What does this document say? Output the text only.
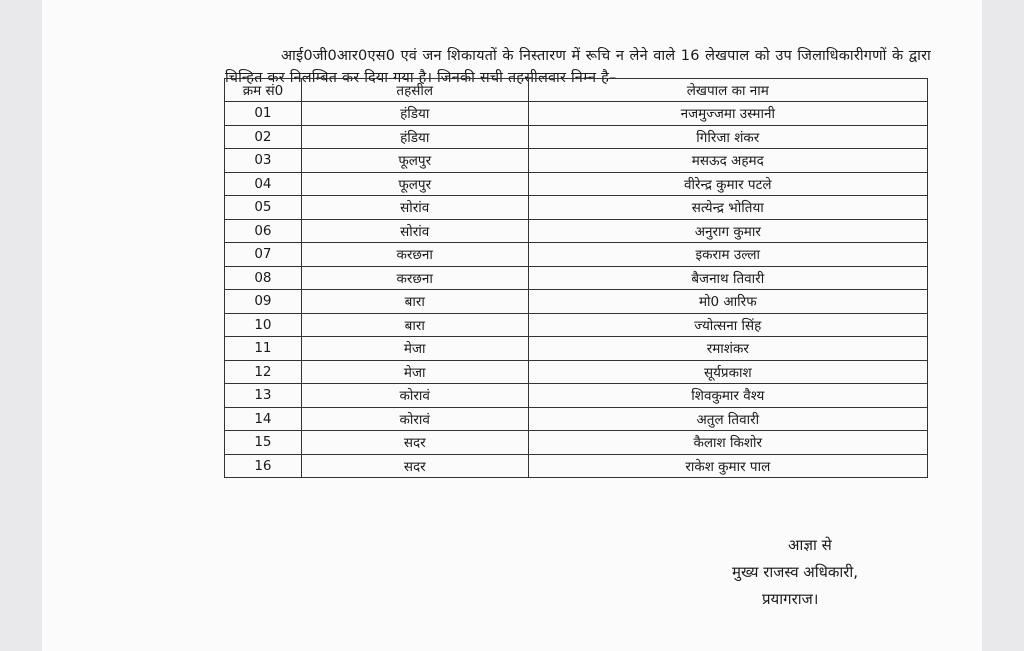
आई0जी0आर0एस0 एवं जन शिकायतों के निस्तारण में रूचि न लेने वाले 16 लेखपाल को उप जिलाधिकारीगणों के द्वारा चिन्हित कर निलम्बित कर दिया गया है। जिनकी सची तहसीलवार निम्न है–

क्रम सं0	तहसील	लेखपाल का नाम
01	हंडिया	नजमुज्जमा उस्मानी
02	हंडिया	गिरिजा शंकर
03	फूलपुर	मसऊद अहमद
04	फूलपुर	वीरेन्द्र कुमार पटले
05	सोरांव	सत्येन्द्र भोतिया
06	सोरांव	अनुराग कुमार
07	करछना	इकराम उल्ला
08	करछना	बैजनाथ तिवारी
09	बारा	मो0 आरिफ
10	बारा	ज्योत्सना सिंह
11	मेजा	रमाशंकर
12	मेजा	सूर्यप्रकाश
13	कोरावं	शिवकुमार वैश्य
14	कोरावं	अतुल तिवारी
15	सदर	कैलाश किशोर
16	सदर	राकेश कुमार पाल
आज्ञा से
मुख्य राजस्व अधिकारी,
प्रयागराज।
